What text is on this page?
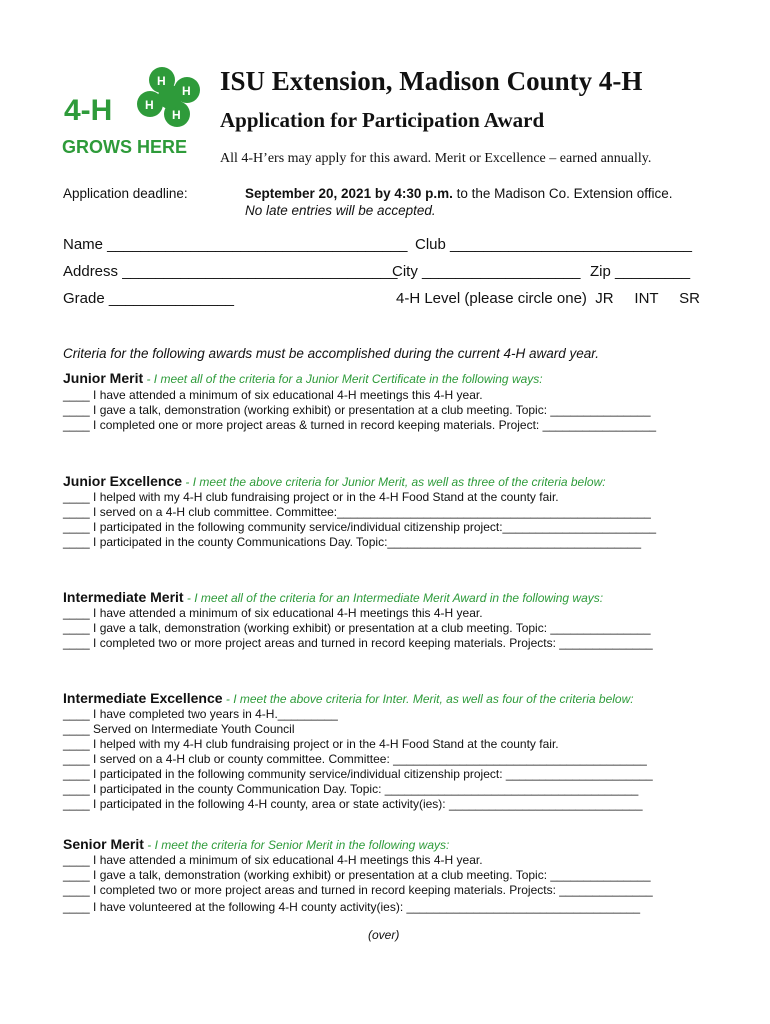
H
H
H
H
4-H
GROWS HERE
ISU Extension, Madison County 4-H
Application for Participation Award
All 4-H’ers may apply for this award. Merit or Excellence – earned annually.
Application deadline:	September 20, 2021 by 4:30 p.m. to the Madison Co. Extension office.
No late entries will be accepted.
Name ____________________________________ Club _____________________________
Address _________________________________
City ___________________ Zip _________
Grade _______________	4-H Level (please circle one)  JR     INT     SR
Criteria for the following awards must be accomplished during the current 4-H award year.
Junior Merit - I meet all of the criteria for a Junior Merit Certificate in the following ways:
____ I have attended a minimum of six educational 4-H meetings this 4-H year.
____ I gave a talk, demonstration (working exhibit) or presentation at a club meeting. Topic: _______________
____ I completed one or more project areas & turned in record keeping materials. Project: _________________
Junior Excellence - I meet the above criteria for Junior Merit, as well as three of the criteria below:
____ I helped with my 4-H club fundraising project or in the 4-H Food Stand at the county fair.
____ I served on a 4-H club committee. Committee:_______________________________________________
____ I participated in the following community service/individual citizenship project:_______________________
____ I participated in the county Communications Day. Topic:______________________________________
Intermediate Merit - I meet all of the criteria for an Intermediate Merit Award in the following ways:
____ I have attended a minimum of six educational 4-H meetings this 4-H year.
____ I gave a talk, demonstration (working exhibit) or presentation at a club meeting. Topic: _______________
____ I completed two or more project areas and turned in record keeping materials. Projects: ______________
Intermediate Excellence - I meet the above criteria for Inter. Merit, as well as four of the criteria below:
____ I have completed two years in 4-H._________
____ Served on Intermediate Youth Council
____ I helped with my 4-H club fundraising project or in the 4-H Food Stand at the county fair.
____ I served on a 4-H club or county committee. Committee: ______________________________________
____ I participated in the following community service/individual citizenship project: ______________________
____ I participated in the county Communication Day. Topic: ______________________________________
____ I participated in the following 4-H county, area or state activity(ies): _____________________________
Senior Merit - I meet the criteria for Senior Merit in the following ways:
____ I have attended a minimum of six educational 4-H meetings this 4-H year.
____ I gave a talk, demonstration (working exhibit) or presentation at a club meeting. Topic: _______________
____ I completed two or more project areas and turned in record keeping materials. Projects: ______________
____ I have volunteered at the following 4-H county activity(ies): ___________________________________
(over)
